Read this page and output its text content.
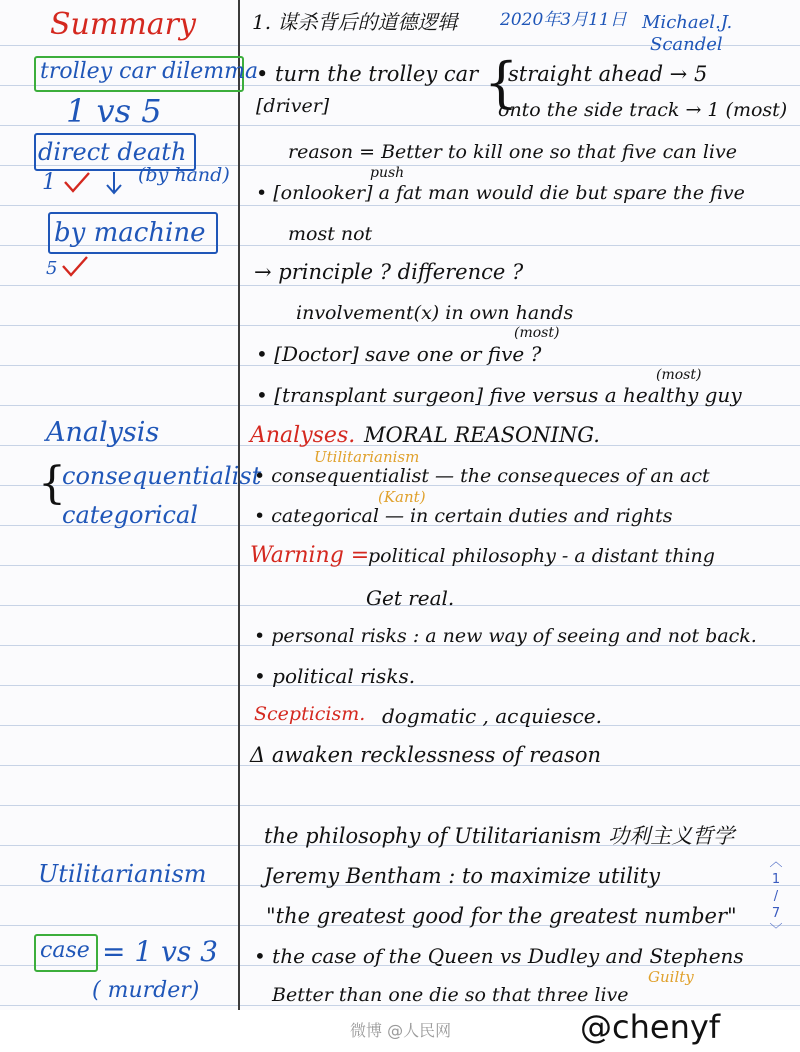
Summary
trolley car dilemma
1 vs 5
direct death
1	(by hand)
by machine
5
Analysis
{
consequentialist
categorical
Utilitarianism
case = 1 vs 3
( murder)
1. 谋杀背后的道德逻辑	2020年3月11日 Michael.J.
Scandel
• turn the trolley car {
straight ahead → 5
onto the side track → 1 (most)
[driver]
reason = Better to kill one so that five can live
push
• [onlooker] a fat man would die but spare the five
most not
→ principle ? difference ?
involvement(x) in own hands
(most)
• [Doctor] save one or five ?
(most)
• [transplant surgeon] five versus a healthy guy
Analyses. MORAL REASONING.
Utilitarianism
• consequentialist — the consequeces of an act
(Kant)
• categorical — in certain duties and rights
Warning =
political philosophy - a distant thing
Get real.
• personal risks : a new way of seeing and not back.
• political risks.
Scepticism. dogmatic , acquiesce.
Δ awaken recklessness of reason
the philosophy of Utilitarianism 功利主义哲学
Jeremy Bentham : to maximize utility
"the greatest good for the greatest number"
• the case of the Queen vs Dudley and Stephens
Guilty
Better than one die so that three live
︿
1
/
7
﹀
微博 @人民网	@chenyf
